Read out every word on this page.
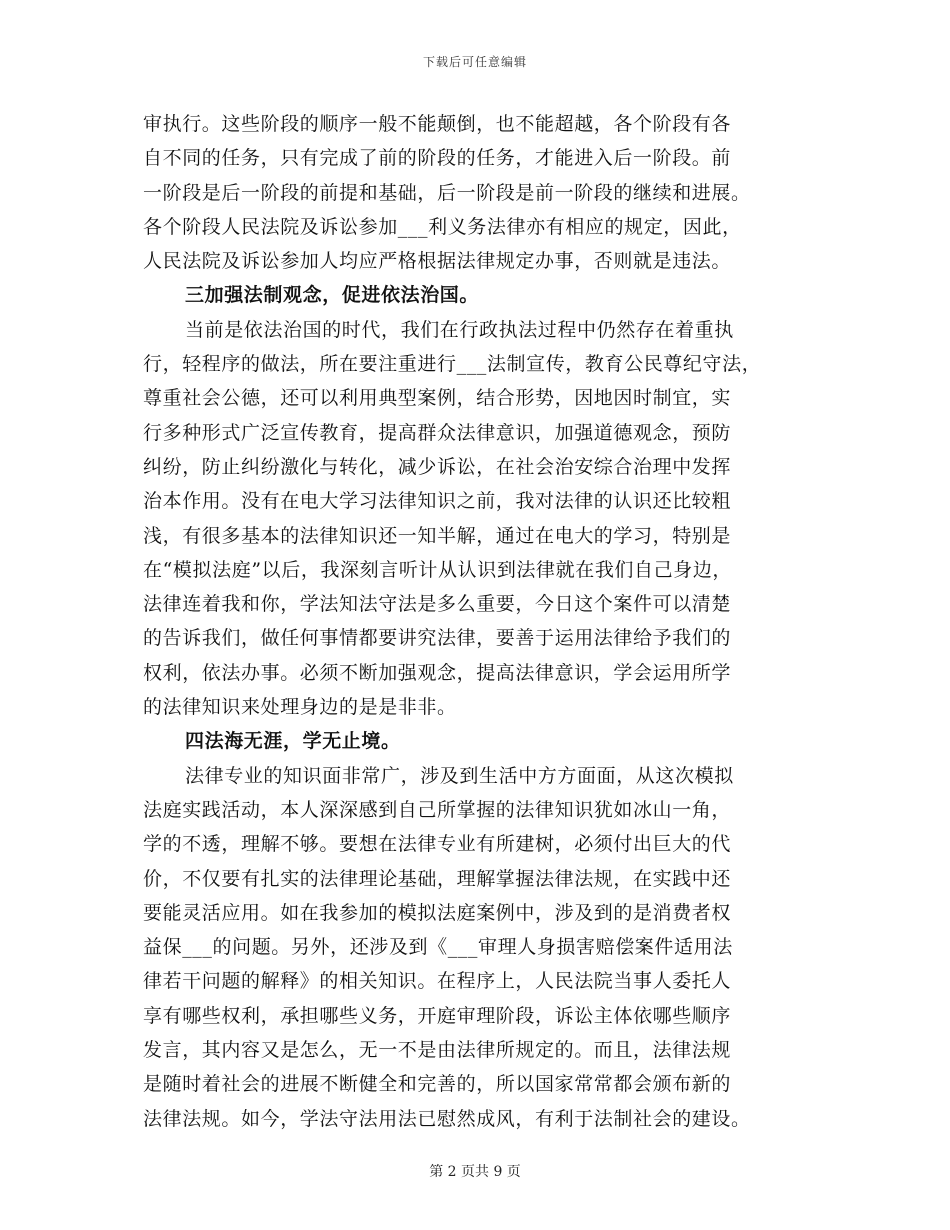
下载后可任意编辑
审执行。这些阶段的顺序一般不能颠倒，也不能超越，各个阶段有各
自不同的任务，只有完成了前的阶段的任务，才能进入后一阶段。前
一阶段是后一阶段的前提和基础，后一阶段是前一阶段的继续和进展。
各个阶段人民法院及诉讼参加___利义务法律亦有相应的规定，因此，
人民法院及诉讼参加人均应严格根据法律规定办事，否则就是违法。
三加强法制观念，促进依法治国。
当前是依法治国的时代，我们在行政执法过程中仍然存在着重执
行，轻程序的做法，所在要注重进行___法制宣传，教育公民尊纪守法，
尊重社会公德，还可以利用典型案例，结合形势，因地因时制宜，实
行多种形式广泛宣传教育，提高群众法律意识，加强道德观念，预防
纠纷，防止纠纷激化与转化，减少诉讼，在社会治安综合治理中发挥
治本作用。没有在电大学习法律知识之前，我对法律的认识还比较粗
浅，有很多基本的法律知识还一知半解，通过在电大的学习，特别是
在“模拟法庭”以后，我深刻言听计从认识到法律就在我们自己身边，
法律连着我和你，学法知法守法是多么重要，今日这个案件可以清楚
的告诉我们，做任何事情都要讲究法律，要善于运用法律给予我们的
权利，依法办事。必须不断加强观念，提高法律意识，学会运用所学
的法律知识来处理身边的是是非非。
四法海无涯，学无止境。
法律专业的知识面非常广，涉及到生活中方方面面，从这次模拟
法庭实践活动，本人深深感到自己所掌握的法律知识犹如冰山一角，
学的不透，理解不够。要想在法律专业有所建树，必须付出巨大的代
价，不仅要有扎实的法律理论基础，理解掌握法律法规，在实践中还
要能灵活应用。如在我参加的模拟法庭案例中，涉及到的是消费者权
益保___的问题。另外，还涉及到《___审理人身损害赔偿案件适用法
律若干问题的解释》的相关知识。在程序上，人民法院当事人委托人
享有哪些权利，承担哪些义务，开庭审理阶段，诉讼主体依哪些顺序
发言，其内容又是怎么，无一不是由法律所规定的。而且，法律法规
是随时着社会的进展不断健全和完善的，所以国家常常都会颁布新的
法律法规。如今，学法守法用法已慰然成风，有利于法制社会的建设。
第 2 页共 9 页
